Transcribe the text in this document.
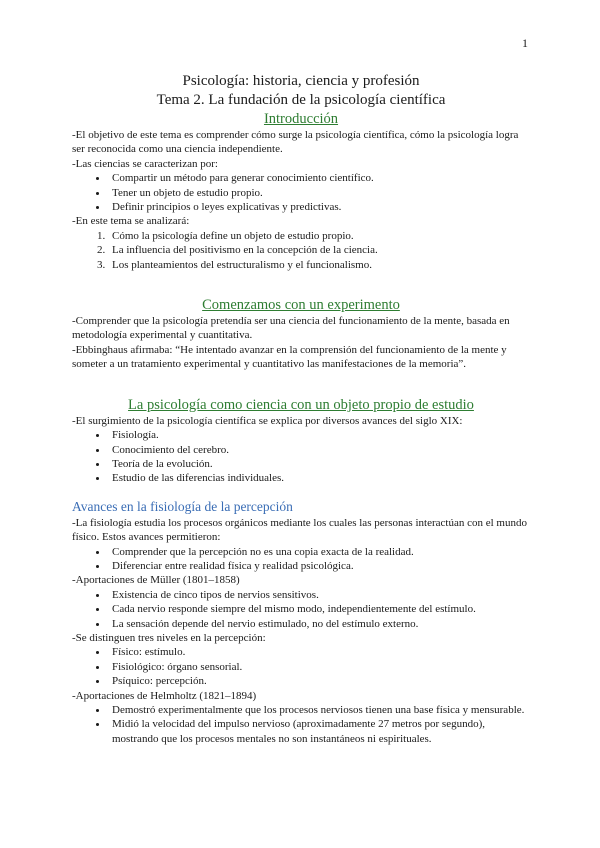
1
Psicología: historia, ciencia y profesión
Tema 2. La fundación de la psicología científica
Introducción

-El objetivo de este tema es comprender cómo surge la psicología científica, cómo la psicología logra ser reconocida como una ciencia independiente.

-Las ciencias se caracterizan por:

• Compartir un método para generar conocimiento científico.
• Tener un objeto de estudio propio.
• Definir principios o leyes explicativas y predictivas.

-En este tema se analizará:

1. Cómo la psicología define un objeto de estudio propio.
2. La influencia del positivismo en la concepción de la ciencia.
3. Los planteamientos del estructuralismo y el funcionalismo.
Comenzamos con un experimento

-Comprender que la psicología pretendía ser una ciencia del funcionamiento de la mente, basada en metodología experimental y cuantitativa.

-Ebbinghaus afirmaba: “He intentado avanzar en la comprensión del funcionamiento de la mente y someter a un tratamiento experimental y cuantitativo las manifestaciones de la memoria”.

La psicología como ciencia con un objeto propio de estudio

-El surgimiento de la psicología científica se explica por diversos avances del siglo XIX:

• Fisiología.
• Conocimiento del cerebro.
• Teoría de la evolución.
• Estudio de las diferencias individuales.
Avances en la fisiología de la percepción

-La fisiología estudia los procesos orgánicos mediante los cuales las personas interactúan con el mundo físico. Estos avances permitieron:

• Comprender que la percepción no es una copia exacta de la realidad.
• Diferenciar entre realidad física y realidad psicológica.

-Aportaciones de Müller (1801–1858)

• Existencia de cinco tipos de nervios sensitivos.
• Cada nervio responde siempre del mismo modo, independientemente del estímulo.
• La sensación depende del nervio estimulado, no del estímulo externo.

-Se distinguen tres niveles en la percepción:

• Físico: estímulo.
• Fisiológico: órgano sensorial.
• Psíquico: percepción.

-Aportaciones de Helmholtz (1821–1894)

• Demostró experimentalmente que los procesos nerviosos tienen una base física y mensurable.
• Midió la velocidad del impulso nervioso (aproximadamente 27 metros por segundo), mostrando que los procesos mentales no son instantáneos ni espirituales.
